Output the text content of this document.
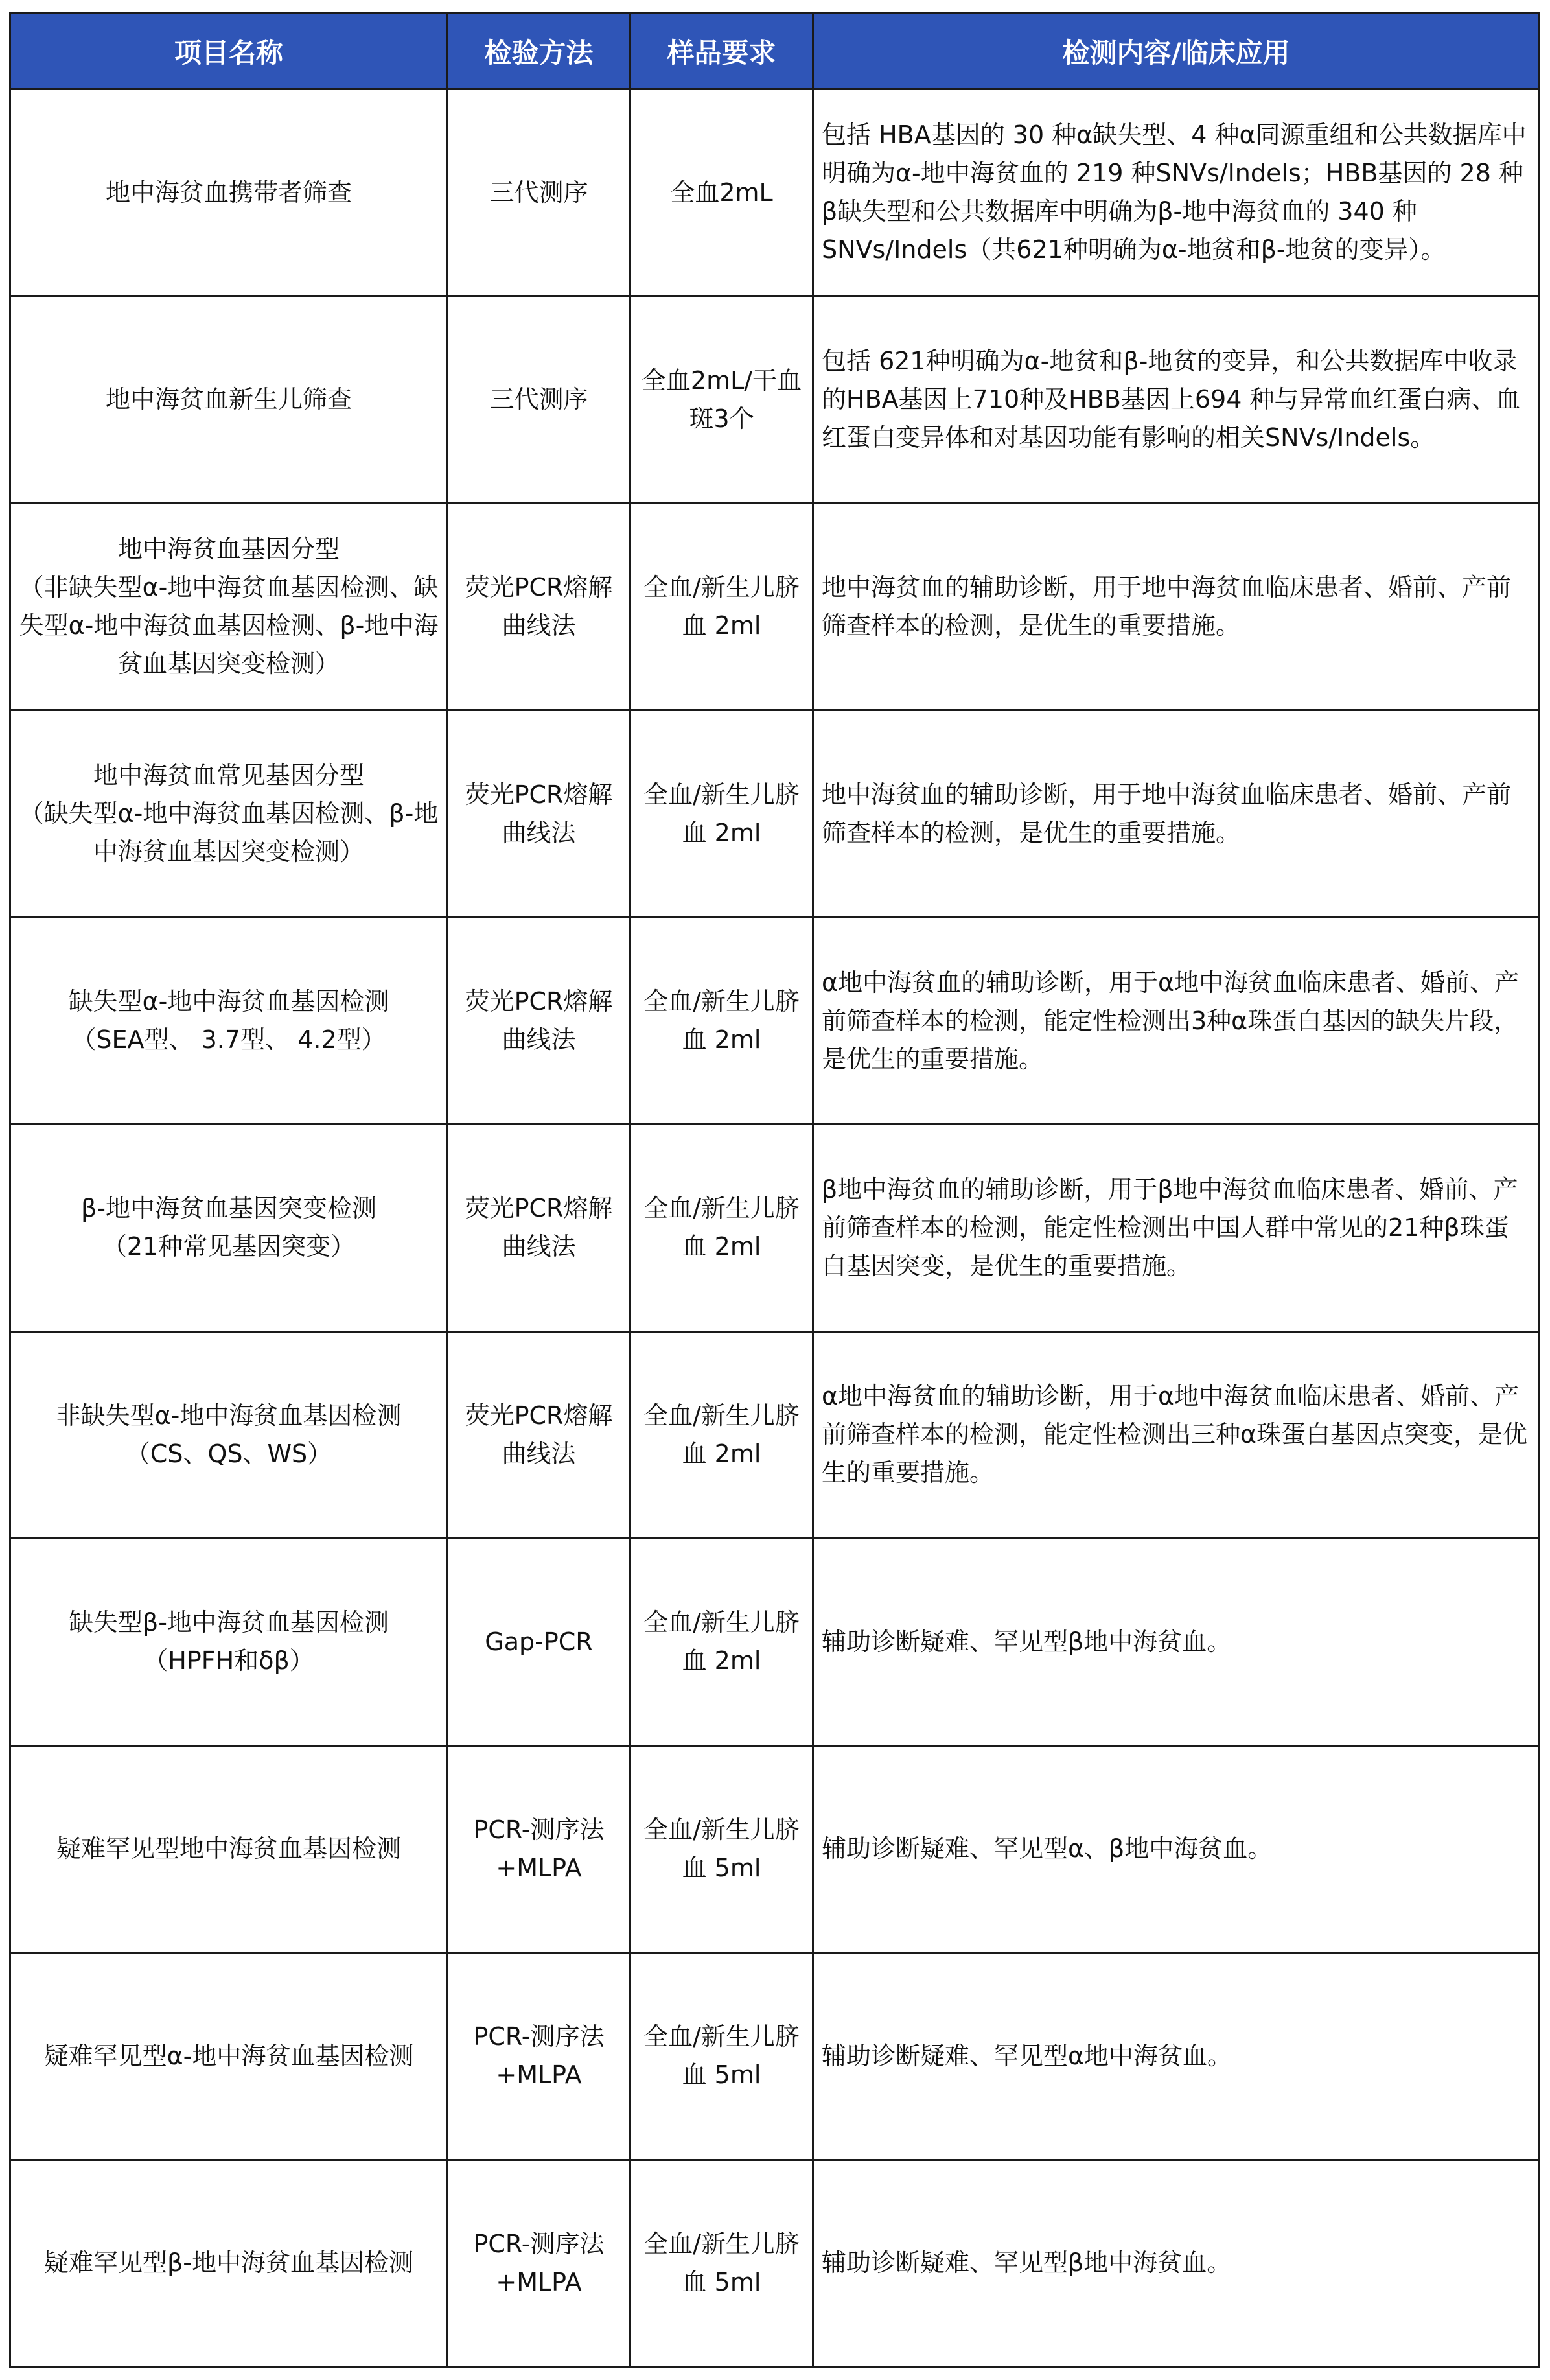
项目名称	检验方法	样品要求	检测内容/临床应用

地中海贫血携带者筛查	三代测序	全血2mL	包括 HBA基因的 30 种α缺失型、4 种α同源重组和公共数据库中明确为α-地中海贫血的 219 种SNVs/Indels；HBB基因的 28 种β缺失型和公共数据库中明确为β-地中海贫血的 340 种 SNVs/Indels（共621种明确为α-地贫和β-地贫的变异）。

地中海贫血新生儿筛查	三代测序	全血2mL/干血斑3个	包括 621种明确为α-地贫和β-地贫的变异，和公共数据库中收录的HBA基因上710种及HBB基因上694 种与异常血红蛋白病、血红蛋白变异体和对基因功能有影响的相关SNVs/Indels。

地中海贫血基因分型
（非缺失型α-地中海贫血基因检测、缺失型α-地中海贫血基因检测、β-地中海贫血基因突变检测）	荧光PCR熔解曲线法	全血/新生儿脐血 2ml	地中海贫血的辅助诊断，用于地中海贫血临床患者、婚前、产前筛查样本的检测，是优生的重要措施。

地中海贫血常见基因分型
（缺失型α-地中海贫血基因检测、β-地中海贫血基因突变检测）	荧光PCR熔解曲线法	全血/新生儿脐血 2ml	地中海贫血的辅助诊断，用于地中海贫血临床患者、婚前、产前筛查样本的检测，是优生的重要措施。

缺失型α-地中海贫血基因检测
（SEA型、 3.7型、 4.2型）	荧光PCR熔解曲线法	全血/新生儿脐血 2ml	α地中海贫血的辅助诊断，用于α地中海贫血临床患者、婚前、产前筛查样本的检测，能定性检测出3种α珠蛋白基因的缺失片段，是优生的重要措施。

β-地中海贫血基因突变检测
（21种常见基因突变）	荧光PCR熔解曲线法	全血/新生儿脐血 2ml	β地中海贫血的辅助诊断，用于β地中海贫血临床患者、婚前、产前筛查样本的检测，能定性检测出中国人群中常见的21种β珠蛋白基因突变，是优生的重要措施。

非缺失型α-地中海贫血基因检测
（CS、QS、WS）	荧光PCR熔解曲线法	全血/新生儿脐血 2ml	α地中海贫血的辅助诊断，用于α地中海贫血临床患者、婚前、产前筛查样本的检测，能定性检测出三种α珠蛋白基因点突变，是优生的重要措施。

缺失型β-地中海贫血基因检测
（HPFH和δβ）	Gap-PCR	全血/新生儿脐血 2ml	辅助诊断疑难、罕见型β地中海贫血。

疑难罕见型地中海贫血基因检测	PCR-测序法+MLPA	全血/新生儿脐血 5ml	辅助诊断疑难、罕见型α、β地中海贫血。

疑难罕见型α-地中海贫血基因检测	PCR-测序法+MLPA	全血/新生儿脐血 5ml	辅助诊断疑难、罕见型α地中海贫血。

疑难罕见型β-地中海贫血基因检测	PCR-测序法+MLPA	全血/新生儿脐血 5ml	辅助诊断疑难、罕见型β地中海贫血。
